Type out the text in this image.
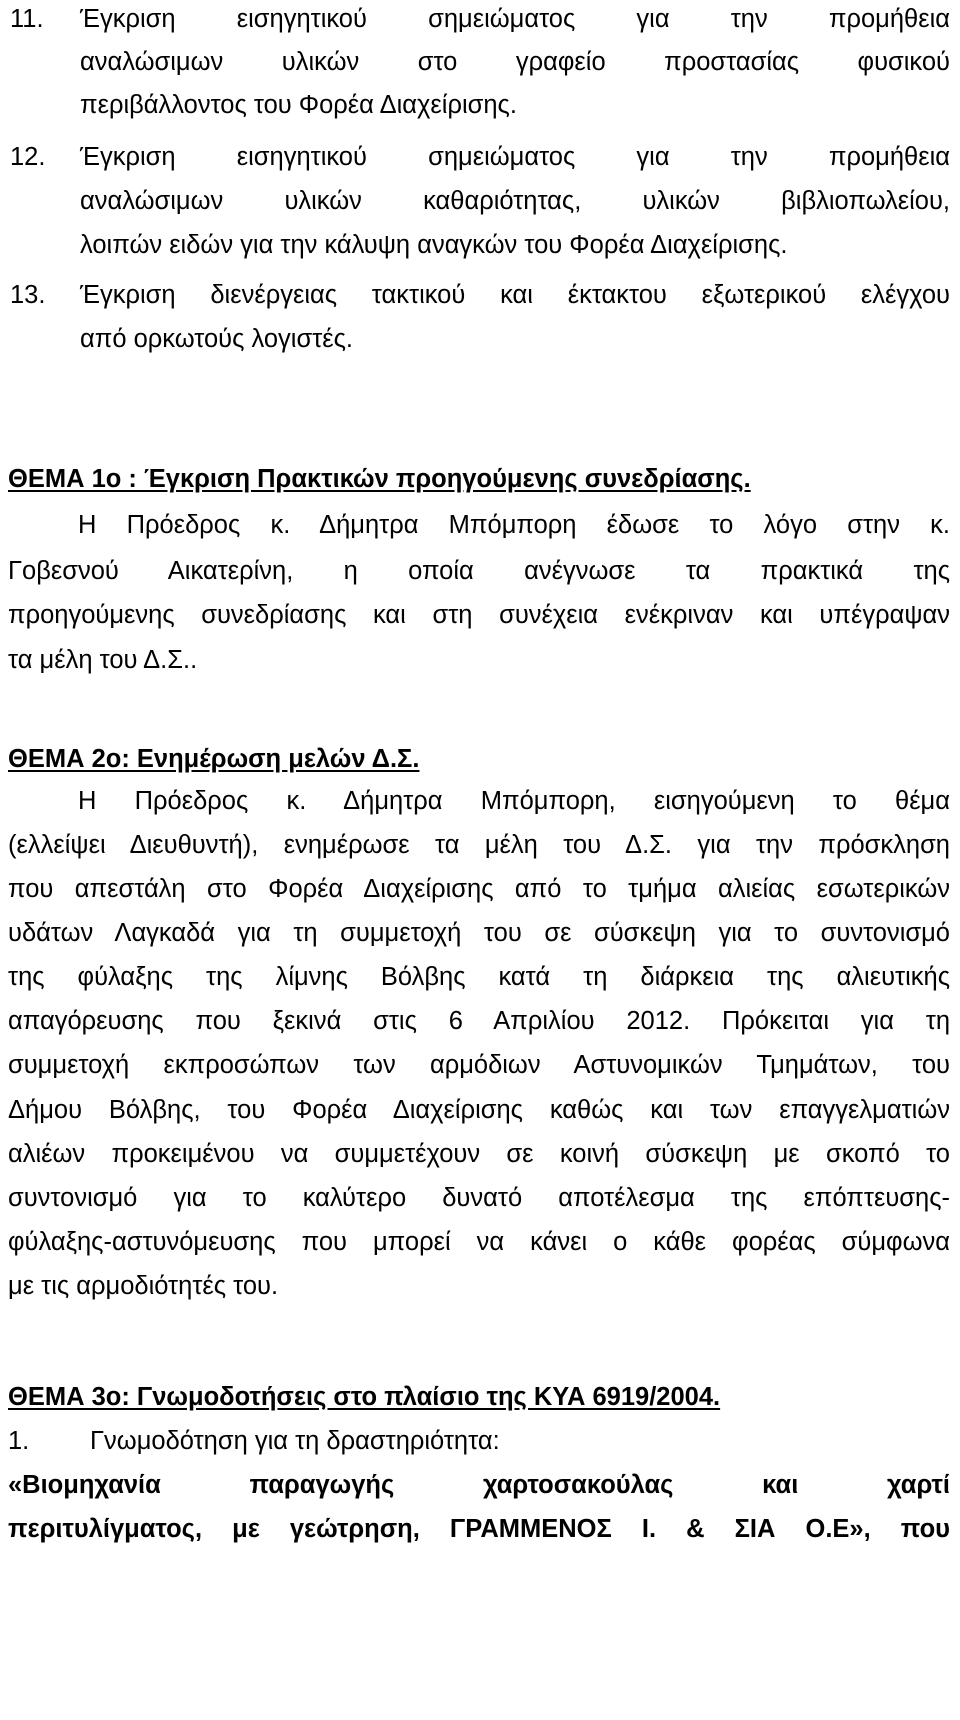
11. Έγκριση εισηγητικού σημειώματος για την προμήθεια
αναλώσιμων υλικών στο γραφείο προστασίας φυσικού
περιβάλλοντος του Φορέα Διαχείρισης.
12. Έγκριση εισηγητικού σημειώματος για την προμήθεια
αναλώσιμων υλικών καθαριότητας, υλικών βιβλιοπωλείου,
λοιπών ειδών για την κάλυψη αναγκών του Φορέα Διαχείρισης.
13. Έγκριση διενέργειας τακτικού και έκτακτου εξωτερικού ελέγχου
από ορκωτούς λογιστές.
ΘΕΜΑ 1ο : Έγκριση Πρακτικών προηγούμενης συνεδρίασης.
Η Πρόεδρος κ. Δήμητρα Μπόμπορη έδωσε το λόγο στην κ.
Γοβεσνού Αικατερίνη, η οποία ανέγνωσε τα πρακτικά της
προηγούμενης συνεδρίασης και στη συνέχεια ενέκριναν και υπέγραψαν
τα μέλη του Δ.Σ..
ΘΕΜΑ 2ο: Ενημέρωση μελών Δ.Σ.
Η Πρόεδρος κ. Δήμητρα Μπόμπορη, εισηγούμενη το θέμα
(ελλείψει Διευθυντή), ενημέρωσε τα μέλη του Δ.Σ. για την πρόσκληση
που απεστάλη στο Φορέα Διαχείρισης από το τμήμα αλιείας εσωτερικών
υδάτων Λαγκαδά για τη συμμετοχή του σε σύσκεψη για το συντονισμό
της φύλαξης της λίμνης Βόλβης κατά τη διάρκεια της αλιευτικής
απαγόρευσης που ξεκινά στις 6 Απριλίου 2012. Πρόκειται για τη
συμμετοχή εκπροσώπων των αρμόδιων Αστυνομικών Τμημάτων, του
Δήμου Βόλβης, του Φορέα Διαχείρισης καθώς και των επαγγελματιών
αλιέων προκειμένου να συμμετέχουν σε κοινή σύσκεψη με σκοπό το
συντονισμό για το καλύτερο δυνατό αποτέλεσμα της επόπτευσης-
φύλαξης-αστυνόμευσης που μπορεί να κάνει ο κάθε φορέας σύμφωνα
με τις αρμοδιότητές του.
ΘΕΜΑ 3ο: Γνωμοδοτήσεις στο πλαίσιο της ΚΥΑ 6919/2004.
1. Γνωμοδότηση για τη δραστηριότητα:
«Βιομηχανία παραγωγής χαρτοσακούλας και χαρτί
περιτυλίγματος, με γεώτρηση, ΓΡΑΜΜΕΝΟΣ Ι. & ΣΙΑ Ο.Ε», που
